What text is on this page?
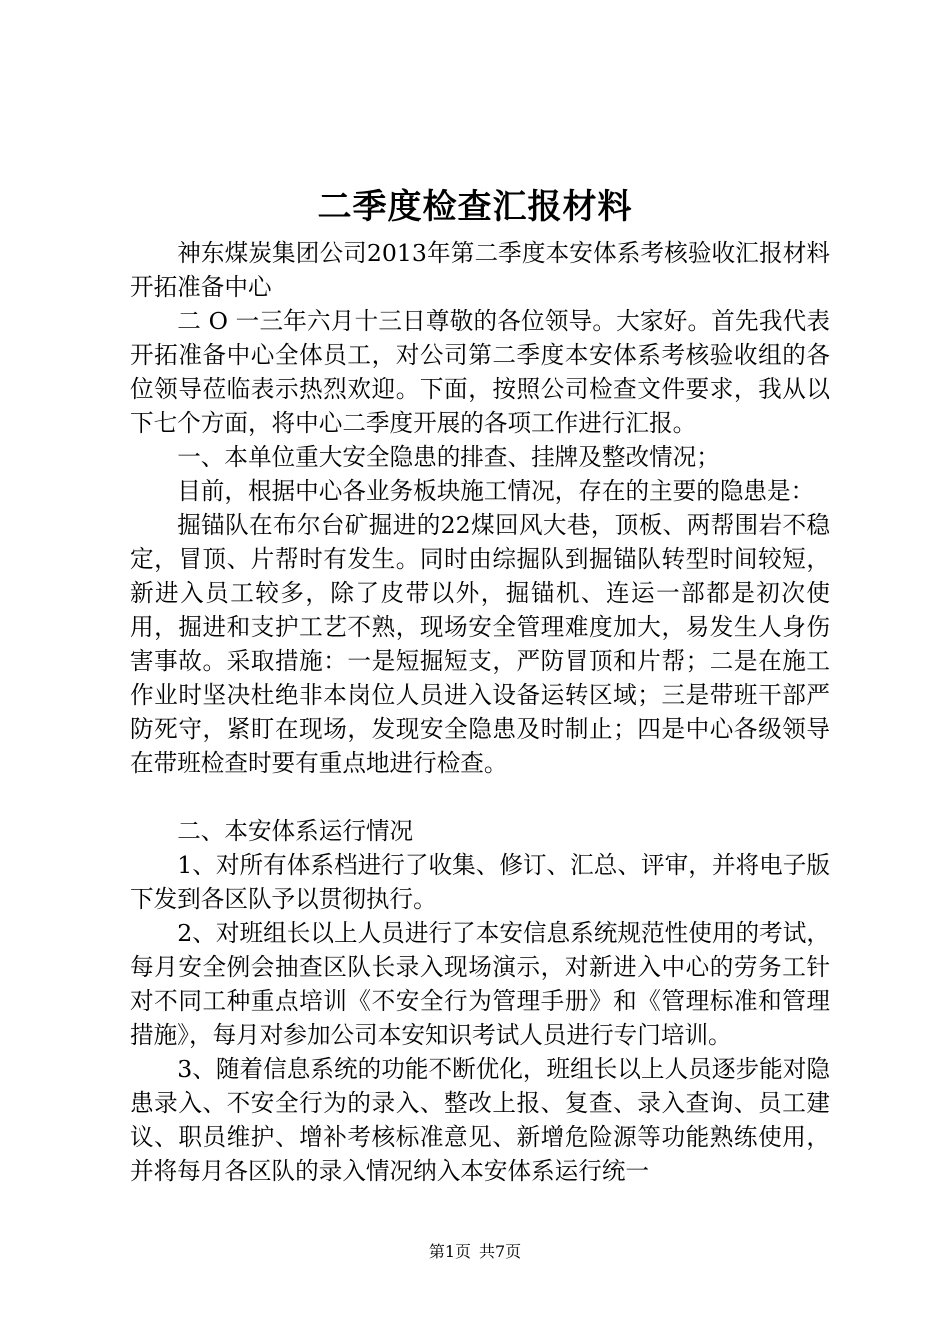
二季度检查汇报材料

神东煤炭集团公司2013年第二季度本安体系考核验收汇报材料开拓准备中心

二 O 一三年六月十三日尊敬的各位领导。大家好。首先我代表开拓准备中心全体员工，对公司第二季度本安体系考核验收组的各位领导莅临表示热烈欢迎。下面，按照公司检查文件要求，我从以下七个方面，将中心二季度开展的各项工作进行汇报。

一、本单位重大安全隐患的排查、挂牌及整改情况；

目前，根据中心各业务板块施工情况，存在的主要的隐患是：

掘锚队在布尔台矿掘进的22煤回风大巷，顶板、两帮围岩不稳定，冒顶、片帮时有发生。同时由综掘队到掘锚队转型时间较短，新进入员工较多，除了皮带以外，掘锚机、连运一部都是初次使用，掘进和支护工艺不熟，现场安全管理难度加大，易发生人身伤害事故。采取措施：一是短掘短支，严防冒顶和片帮；二是在施工作业时坚决杜绝非本岗位人员进入设备运转区域；三是带班干部严防死守，紧盯在现场，发现安全隐患及时制止；四是中心各级领导在带班检查时要有重点地进行检查。

二、本安体系运行情况

1、对所有体系档进行了收集、修订、汇总、评审，并将电子版下发到各区队予以贯彻执行。

2、对班组长以上人员进行了本安信息系统规范性使用的考试，每月安全例会抽查区队长录入现场演示，对新进入中心的劳务工针对不同工种重点培训《不安全行为管理手册》和《管理标准和管理措施》，每月对参加公司本安知识考试人员进行专门培训。

3、随着信息系统的功能不断优化，班组长以上人员逐步能对隐患录入、不安全行为的录入、整改上报、复查、录入查询、员工建议、职员维护、增补考核标准意见、新增危险源等功能熟练使用，并将每月各区队的录入情况纳入本安体系运行统一

第1页 共7页
